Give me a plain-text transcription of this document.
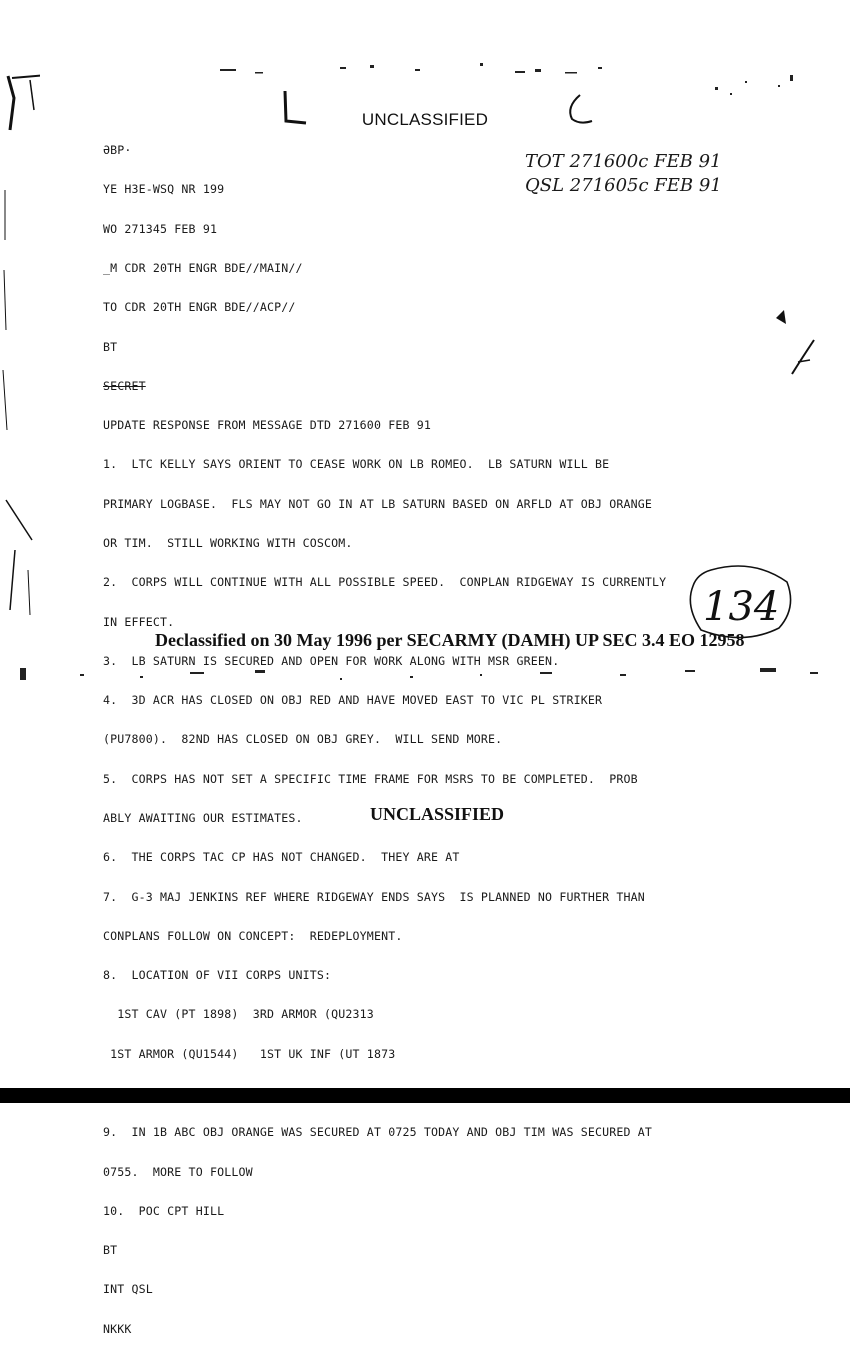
UNCLASSIFIED

ƏBP·

YE H3E-WSQ NR 199

WO 271345 FEB 91

̲M CDR 20TH ENGR BDE//MAIN//

TO CDR 20TH ENGR BDE//ACP//

BT

SECRET

UPDATE RESPONSE FROM MESSAGE DTD 271600 FEB 91

1.  LTC KELLY SAYS ORIENT TO CEASE WORK ON LB ROMEO.  LB SATURN WILL BE

PRIMARY LOGBASE.  FLS MAY NOT GO IN AT LB SATURN BASED ON ARFLD AT OBJ ORANGE

OR TIM.  STILL WORKING WITH COSCOM.

2.  CORPS WILL CONTINUE WITH ALL POSSIBLE SPEED.  CONPLAN RIDGEWAY IS CURRENTLY

IN EFFECT.

3.  LB SATURN IS SECURED AND OPEN FOR WORK ALONG WITH MSR GREEN.

4.  3D ACR HAS CLOSED ON OBJ RED AND HAVE MOVED EAST TO VIC PL STRIKER

(PU7800).  82ND HAS CLOSED ON OBJ GREY.  WILL SEND MORE.

5.  CORPS HAS NOT SET A SPECIFIC TIME FRAME FOR MSRS TO BE COMPLETED.  PROB

ABLY AWAITING OUR ESTIMATES.

6.  THE CORPS TAC CP HAS NOT CHANGED.  THEY ARE AT

7.  G-3 MAJ JENKINS REF WHERE RIDGEWAY ENDS SAYS  IS PLANNED NO FURTHER THAN

CONPLANS FOLLOW ON CONCEPT:  REDEPLOYMENT.

8.  LOCATION OF VII CORPS UNITS:

1ST CAV (PT 1898)  3RD ARMOR (QU2313

1ST ARMOR (QU1544)   1ST UK INF (UT 1873

9.  IN 1B ABC OBJ ORANGE WAS SECURED AT 0725 TODAY AND OBJ TIM WAS SECURED AT

0755.  MORE TO FOLLOW

10.  POC CPT HILL

BT

INT QSL

NKKK

TOT 271600c FEB 91
QSL 271605c FEB 91
134
Declassified on 30 May 1996 per SECARMY (DAMH) UP SEC 3.4 EO 12958
UNCLASSIFIED
